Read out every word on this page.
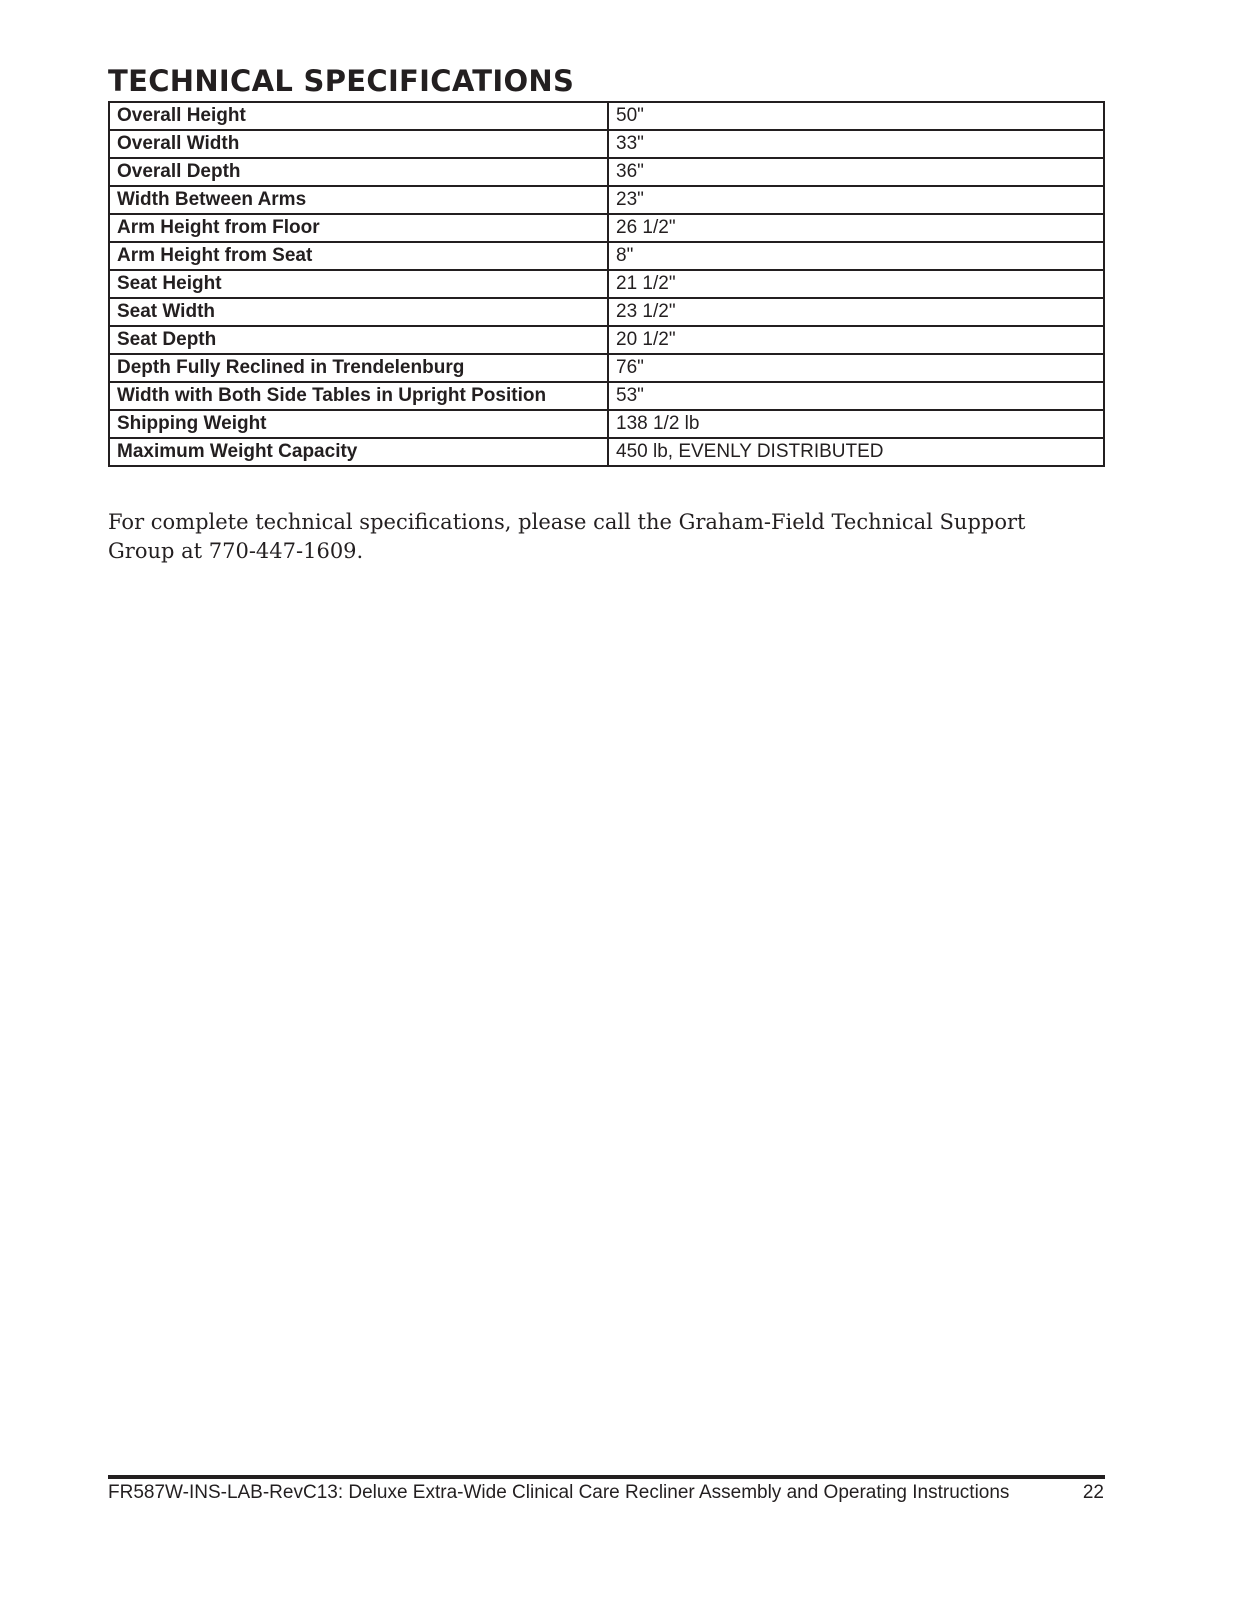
TECHNICAL SPECIFICATIONS
Overall Height	50"
Overall Width	33"
Overall Depth	36"
Width Between Arms	23"
Arm Height from Floor	26 1/2"
Arm Height from Seat	8"
Seat Height	21 1/2"
Seat Width	23 1/2"
Seat Depth	20 1/2"
Depth Fully Reclined in Trendelenburg	76"
Width with Both Side Tables in Upright Position	53"
Shipping Weight	138 1/2 lb
Maximum Weight Capacity	450 lb, EVENLY DISTRIBUTED

For complete technical specifications, please call the Graham-Field Technical Support Group at 770-447-1609.

FR587W-INS-LAB-RevC13: Deluxe Extra-Wide Clinical Care Recliner Assembly and Operating Instructions	22
